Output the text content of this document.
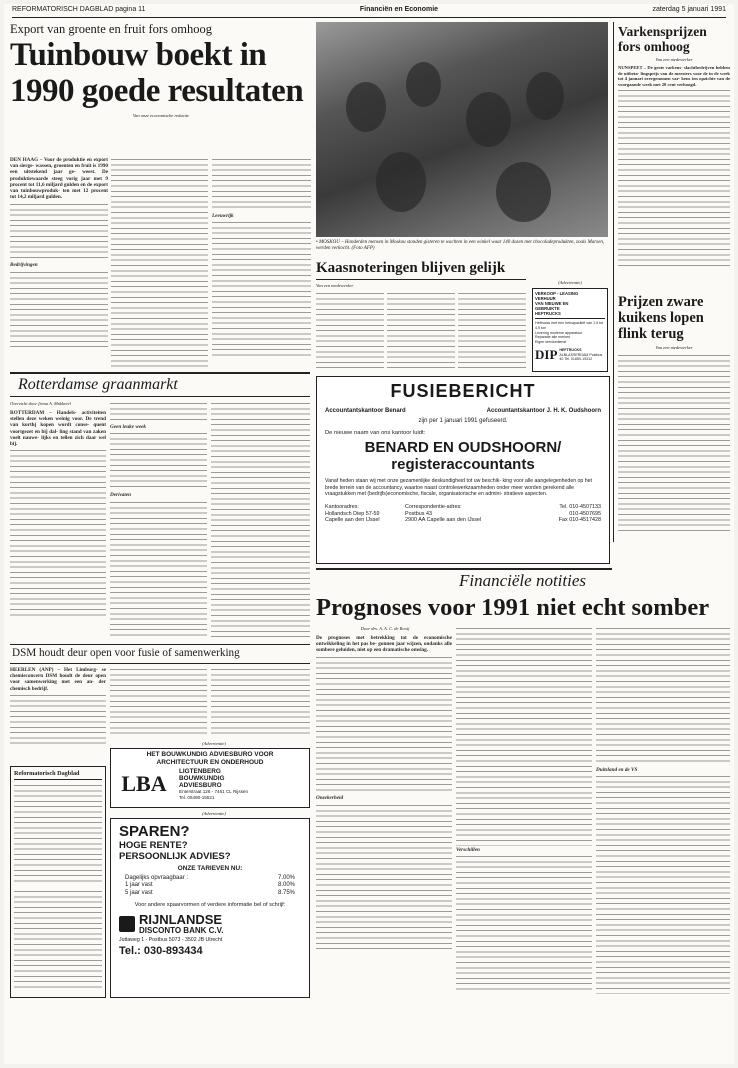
REFORMATORISCH DAGBLAD pagina 11	Financiën en Economie	zaterdag 5 januari 1991
Export van groente en fruit fors omhoog
Tuinbouw boekt in
1990 goede resultaten
Van onze economische redactie

DEN HAAG – Voor de produktie en export van sierge- wassen, groenten en fruit is 1990 een uitstekend jaar ge- weest. De produktiewaarde steeg vorig jaar met 9 procent tot 11,6 miljard gulden en de export van tuinbouwproduk- ten met 12 procent tot 14,2 miljard gulden.

Bedrijvingen
Leeuwrijk
• MOSKOU – Honderden mensen in Moskou stonden gisteren te wachten in een winkel waar 140 dozen met chocoladeprodukten, zoals Marsen, werden verkocht. (Foto AFP)
Kaasnoteringen blijven gelijk
Van een medewerker
(Advertentie)
VERKOOP - LEASING
VERHUUR
VAN NIEUWE EN
GEBRUIKTE
HEFTRUCKS
Heftrucks met een hefcapaciteit van 1.5 tot 4.5 ton
Levering moderne apparatuur
Reparatie alle merken
Eigen servicedienst
DIP HEFTRUCKS
ALBLASSERDAM Postbus 40 Tel. 01859-19312
Varkensprijzen fors omhoog
Van een medewerker

NUNSPEET – De grote varkens- slachtbedrijven hebben de uitbeta- lingsprijs van de meesters voor de in de week tot 4 januari overgenomen var- kens ten opzichte van de voorgaande week met 20 cent verhoogd.

Prijzen zware kuikens lopen flink terug
Van een medewerker
Rotterdamse graanmarkt
Overzicht door firma A. Makkreel

ROTTERDAM – Handels- activiteiten stellen deze weken weinig voor. De trend van korthj kopen wordt conse- quent voortgezet en bij dal- ling stand van zaken voelt nauwe- lijks en tellen zich daar wel bij.

Geen leuke week
Derivaten
FUSIEBERICHT
Accountantskantoor Benard	Accountantskantoor J. H. K. Oudshoorn
zijn per 1 januari 1991 gefuseerd.
De nieuwe naam van ons kantoor luidt:
BENARD EN OUDSHOORN/
registeraccountants
Vanaf heden staan wij met onze gezamenlijke deskundigheid tot uw beschik- king voor alle aangelegenheden op het brede terrein van de accountancy, waartoe naast controlewerkzaamheden onder meer worden gerekend alle vraagstukken met (bedrijfs)economische, fiscale, organisatorische en admini- stratieve aspecten.
Kantooradres:
Hollandsch Diep 57-59
Capelle aan den IJssel
Correspondentie-adres:
Postbus 43
2900 AA Capelle aan den IJssel
Tel. 010-4507133
010-4507695
Fax 010-4517428
DSM houdt deur open voor fusie of samenwerking

HEERLEN (ANP) – Het Limburg- se chemieconcern DSM houdt de deur open voor samenwerking met een an- der chemisch bedrijf.

(Advertentie)
HET BOUWKUNDIG ADVIESBURO VOOR
ARCHITECTUUR EN ONDERHOUD
LBA	LIGTENBERG
BOUWKUNDIG
ADVIESBURO
Enterstraat 126 - 7461 CL Rijssen
Tel. 05480-15521
Reformatorisch Dagblad
(Advertentie)
SPAREN?
HOGE RENTE?
PERSOONLIJK ADVIES?
ONZE TARIEVEN NU:
Dagelijks opvraagbaar :	7.00%
1 jaar vast	8.00%
5 jaar vast	8.75%
Voor andere spaarvormen of verdere informatie bel of schrijf:
RIJNLANDSE
DISCONTO BANK C.V.
Juttaweg 1 - Postbus 5073 - 3502 JB Utrecht
Tel.: 030-893434
Financiële notities
Prognoses voor 1991 niet echt somber
Door drs. A. A. C. de Rooij

De prognoses met betrekking tot de economische ontwikkeling in het pas be- gonnen jaar wijzen, ondanks alle sombere geluiden, niet op een dramatische omslag.

Onzekerheid
Verschillen
Duitsland en de VS
